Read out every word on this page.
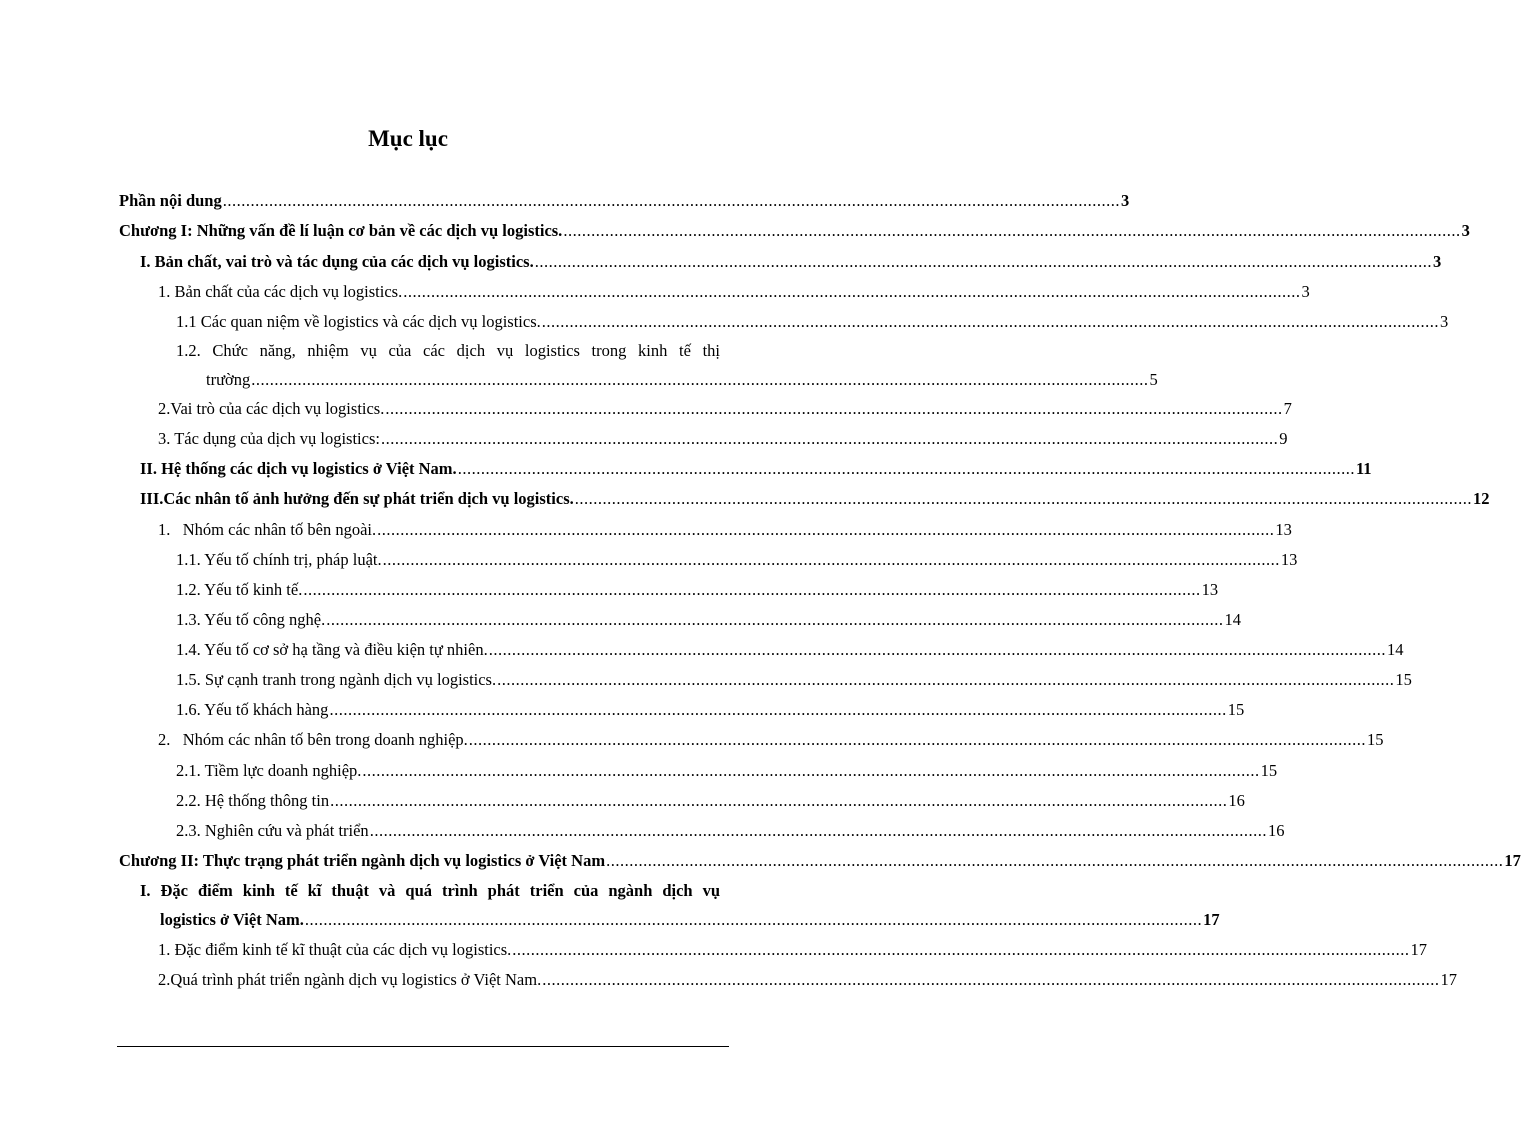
Mục lục
Phần nội dung .................................................................................................................................................................................................. 3
Chương I: Những vấn đề lí luận cơ bản về các dịch vụ logistics. .................................................................................................................................................................................................. 3
I. Bản chất, vai trò và tác dụng của các dịch vụ logistics. .................................................................................................................................................................................................. 3
1. Bản chất của các dịch vụ logistics. .................................................................................................................................................................................................. 3
1.1 Các quan niệm về logistics và các dịch vụ logistics. .................................................................................................................................................................................................. 3
1.2. Chức năng, nhiệm vụ của các dịch vụ logistics trong kinh tế thị
trường .................................................................................................................................................................................................. 5
2.Vai trò của các dịch vụ logistics. .................................................................................................................................................................................................. 7
3. Tác dụng của dịch vụ logistics: .................................................................................................................................................................................................. 9
II. Hệ thống các dịch vụ logistics ở Việt Nam. .................................................................................................................................................................................................. 11
III.Các nhân tố ảnh hưởng đến sự phát triển dịch vụ logistics. .................................................................................................................................................................................................. 12
1.   Nhóm các nhân tố bên ngoài. .................................................................................................................................................................................................. 13
1.1. Yếu tố chính trị, pháp luật. .................................................................................................................................................................................................. 13
1.2. Yếu tố kinh tế. .................................................................................................................................................................................................. 13
1.3. Yếu tố công nghệ. .................................................................................................................................................................................................. 14
1.4. Yếu tố cơ sở hạ tầng và điều kiện tự nhiên. .................................................................................................................................................................................................. 14
1.5. Sự cạnh tranh trong ngành dịch vụ logistics. .................................................................................................................................................................................................. 15
1.6. Yếu tố khách hàng .................................................................................................................................................................................................. 15
2.   Nhóm các nhân tố bên trong doanh nghiệp. .................................................................................................................................................................................................. 15
2.1. Tiềm lực doanh nghiệp. .................................................................................................................................................................................................. 15
2.2. Hệ thống thông tin .................................................................................................................................................................................................. 16
2.3. Nghiên cứu và phát triển .................................................................................................................................................................................................. 16
Chương II: Thực trạng phát triển ngành dịch vụ logistics ở Việt Nam .................................................................................................................................................................................................. 17
I. Đặc điểm kinh tế kĩ thuật và quá trình phát triển của ngành dịch vụ
logistics ở Việt Nam. .................................................................................................................................................................................................. 17
1. Đặc điểm kinh tế kĩ thuật của các dịch vụ logistics. .................................................................................................................................................................................................. 17
2.Quá trình phát triển ngành dịch vụ logistics ở Việt Nam. .................................................................................................................................................................................................. 17
